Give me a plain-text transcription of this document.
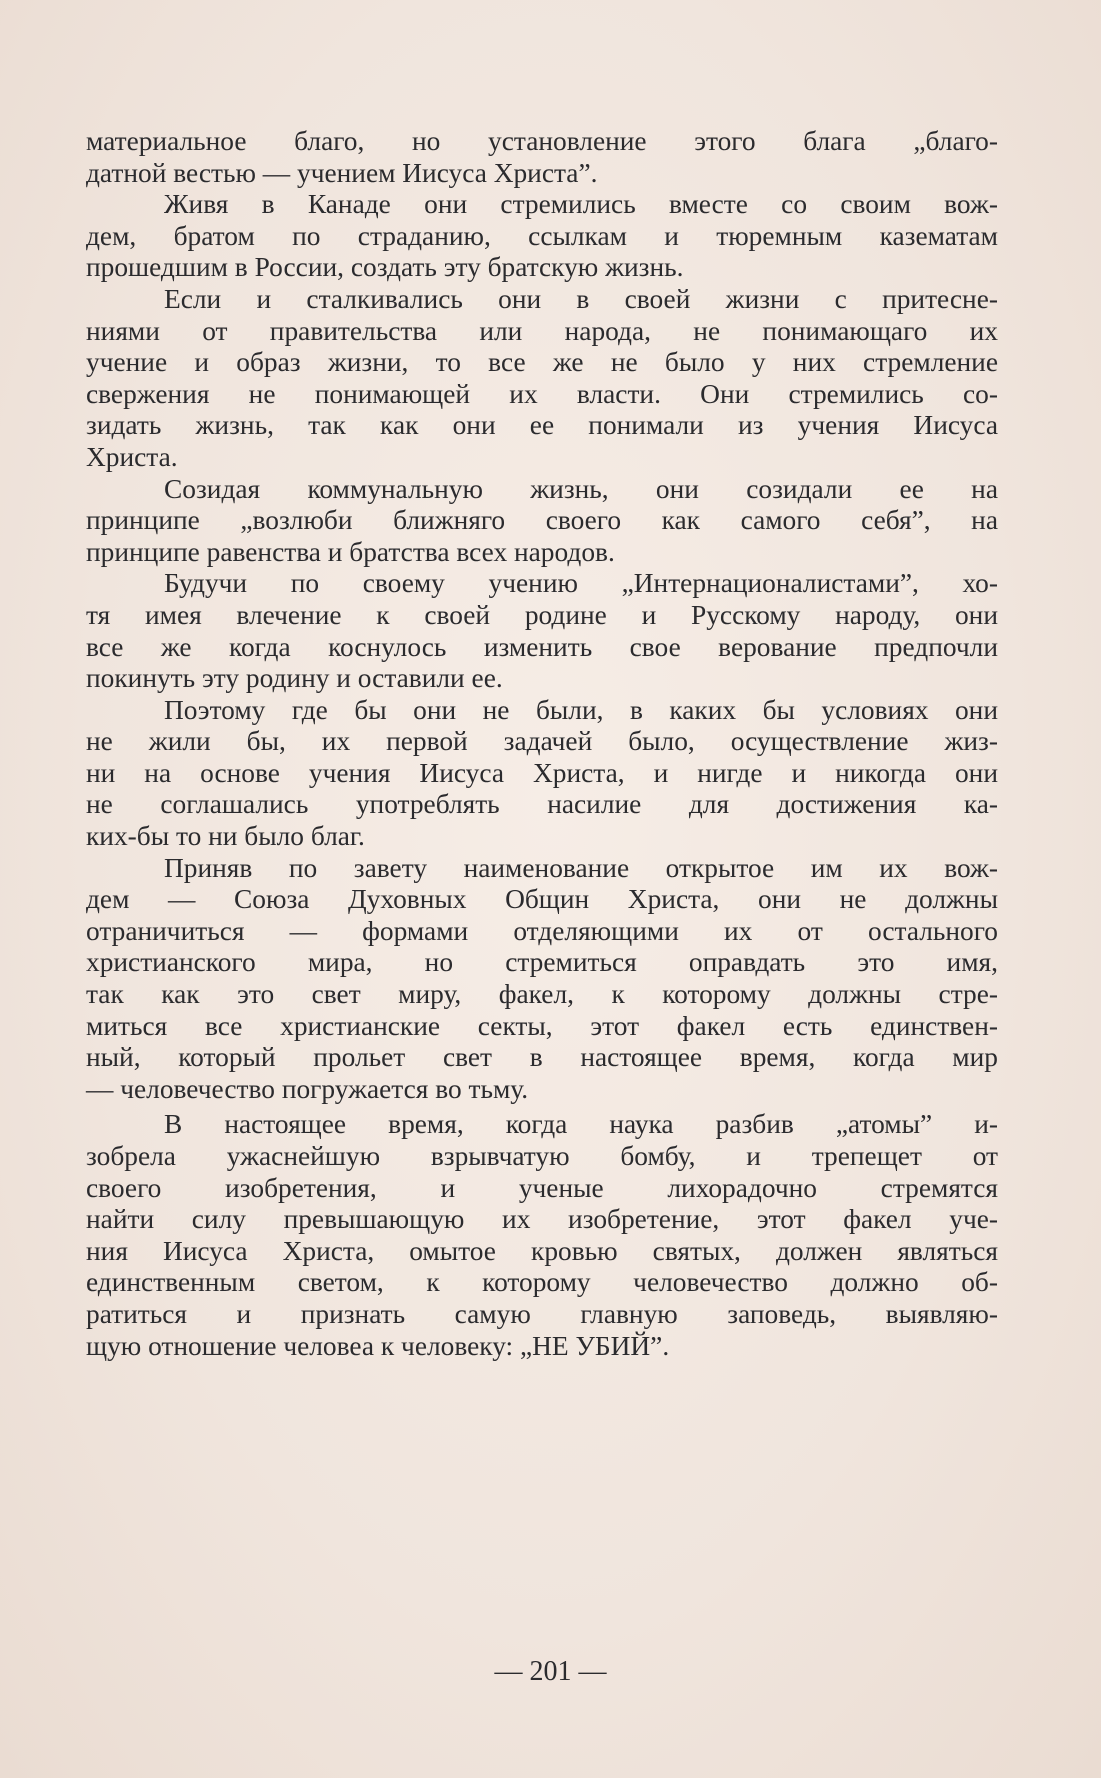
материальное благо, но установление этого блага „благо-
датной вестью — учением Иисуса Христа”.
Живя в Канаде они стремились вместе со своим вож-
дем, братом по страданию, ссылкам и тюремным казематам
прошедшим в России, создать эту братскую жизнь.
Если и сталкивались они в своей жизни с притесне-
ниями от правительства или народа, не понимающаго их
учение и образ жизни, то все же не было у них стремление
свержения не понимающей их власти. Они стремились со-
зидать жизнь, так как они ее понимали из учения Иисуса
Христа.
Созидая коммунальную жизнь, они созидали ее на
принципе „возлюби ближняго своего как самого себя”, на
принципе равенства и братства всех народов.
Будучи по своему учению „Интернационалистами”, хо-
тя имея влечение к своей родине и Русскому народу, они
все же когда коснулось изменить свое верование предпочли
покинуть эту родину и оставили ее.
Поэтому где бы они не были, в каких бы условиях они
не жили бы, их первой задачей было, осуществление жиз-
ни на основе учения Иисуса Христа, и нигде и никогда они
не соглашались употреблять насилие для достижения ка-
ких-бы то ни было благ.
Приняв по завету наименование открытое им их вож-
дем — Союза Духовных Общин Христа, они не должны
отраничиться — формами отделяющими их от остального
христианского мира, но стремиться оправдать это имя,
так как это свет миру, факел, к которому должны стре-
миться все христианские секты, этот факел есть единствен-
ный, который прольет свет в настоящее время, когда мир
— человечество погружается во тьму.
В настоящее время, когда наука разбив „атомы” и-
зобрела ужаснейшую взрывчатую бомбу, и трепещет от
своего изобретения, и ученые лихорадочно стремятся
найти силу превышающую их изобретение, этот факел уче-
ния Иисуса Христа, омытое кровью святых, должен являться
единственным светом, к которому человечество должно об-
ратиться и признать самую главную заповедь, выявляю-
щую отношение человеа к человеку: „НЕ УБИЙ”.
— 201 —
